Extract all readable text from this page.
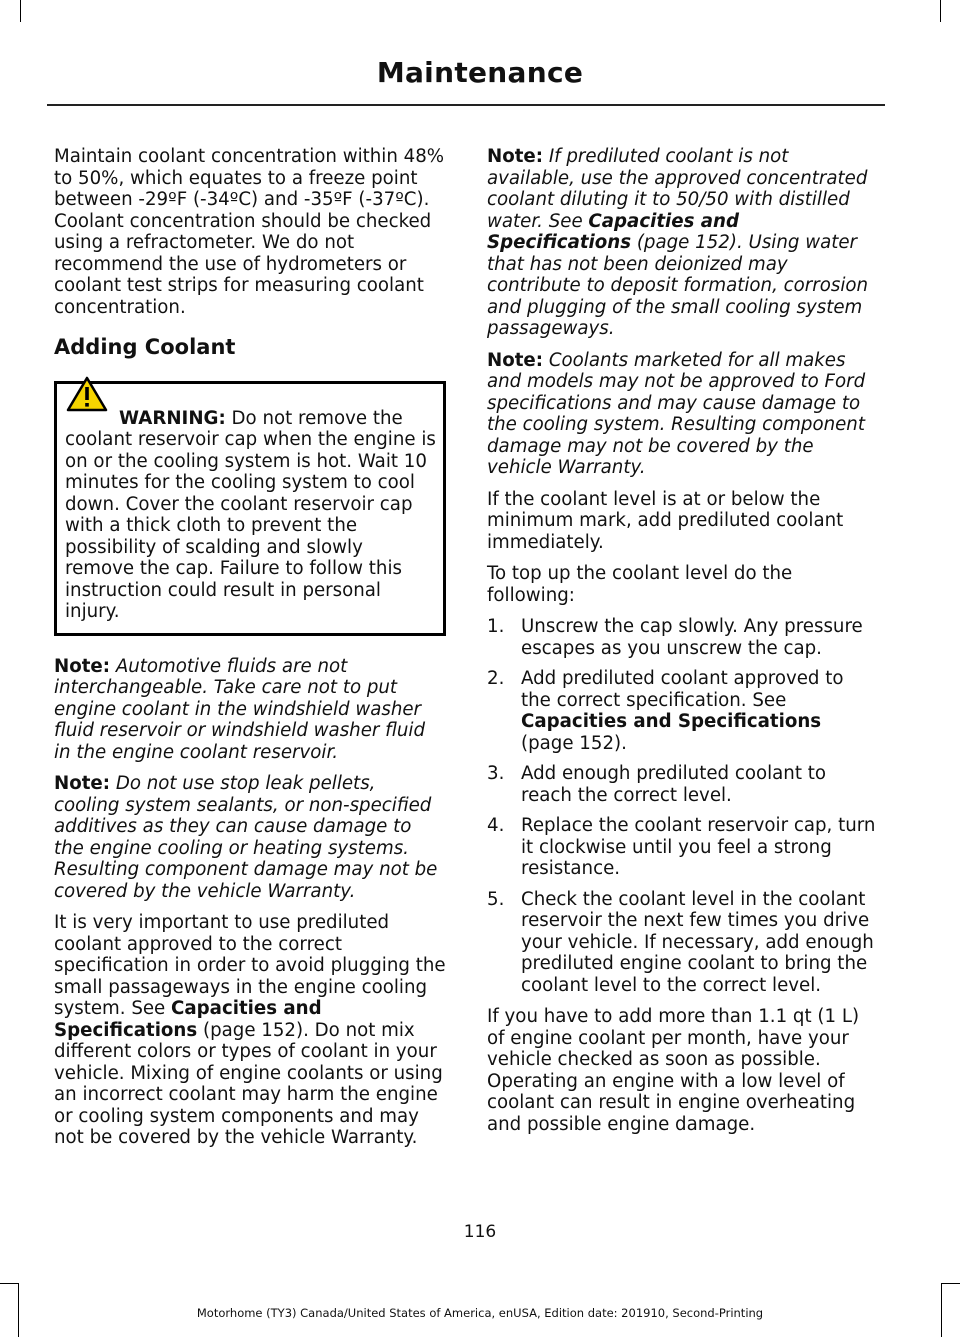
Maintenance

Maintain coolant concentration within 48% to 50%, which equates to a freeze point between -29ºF (-34ºC) and -35ºF (-37ºC). Coolant concentration should be checked using a refractometer. We do not recommend the use of hydrometers or coolant test strips for measuring coolant concentration.

Adding Coolant

WARNING: Do not remove the coolant reservoir cap when the engine is on or the cooling system is hot. Wait 10 minutes for the cooling system to cool down. Cover the coolant reservoir cap with a thick cloth to prevent the possibility of scalding and slowly remove the cap. Failure to follow this instruction could result in personal injury.

Note: Automotive fluids are not interchangeable. Take care not to put engine coolant in the windshield washer fluid reservoir or windshield washer fluid in the engine coolant reservoir.

Note: Do not use stop leak pellets, cooling system sealants, or non-specified additives as they can cause damage to the engine cooling or heating systems. Resulting component damage may not be covered by the vehicle Warranty.

It is very important to use prediluted coolant approved to the correct specification in order to avoid plugging the small passageways in the engine cooling system. See Capacities and Specifications (page 152). Do not mix different colors or types of coolant in your vehicle. Mixing of engine coolants or using an incorrect coolant may harm the engine or cooling system components and may not be covered by the vehicle Warranty.

Note: If prediluted coolant is not available, use the approved concentrated coolant diluting it to 50/50 with distilled water. See Capacities and Specifications (page 152). Using water that has not been deionized may contribute to deposit formation, corrosion and plugging of the small cooling system passageways.

Note: Coolants marketed for all makes and models may not be approved to Ford specifications and may cause damage to the cooling system. Resulting component damage may not be covered by the vehicle Warranty.

If the coolant level is at or below the minimum mark, add prediluted coolant immediately.

To top up the coolant level do the following:

1. Unscrew the cap slowly. Any pressure escapes as you unscrew the cap.
2. Add prediluted coolant approved to the correct specification. See Capacities and Specifications (page 152).
3. Add enough prediluted coolant to reach the correct level.
4. Replace the coolant reservoir cap, turn it clockwise until you feel a strong resistance.
5. Check the coolant level in the coolant reservoir the next few times you drive your vehicle. If necessary, add enough prediluted engine coolant to bring the coolant level to the correct level.

If you have to add more than 1.1 qt (1 L) of engine coolant per month, have your vehicle checked as soon as possible. Operating an engine with a low level of coolant can result in engine overheating and possible engine damage.

116
Motorhome (TY3) Canada/United States of America, enUSA, Edition date: 201910, Second-Printing
